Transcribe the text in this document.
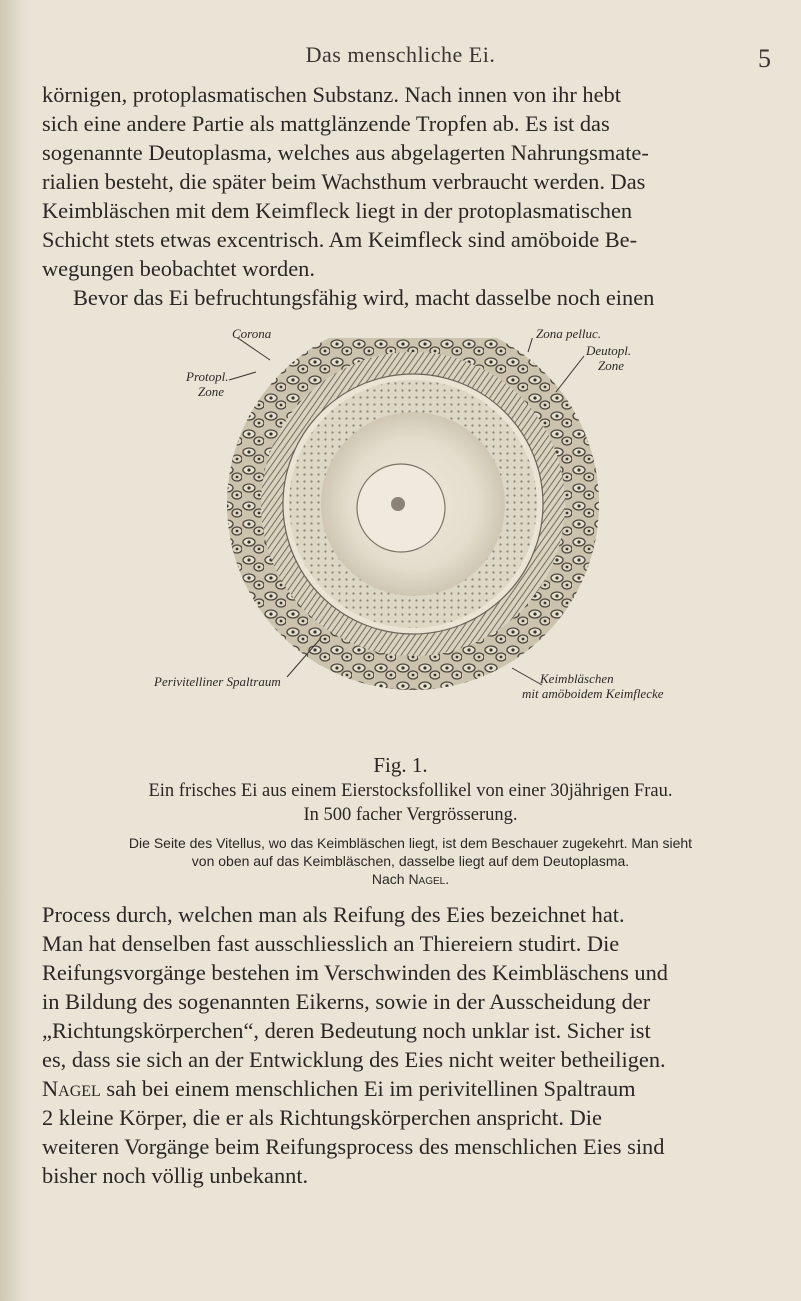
Das menschliche Ei.	5

körnigen, protoplasmatischen Substanz. Nach innen von ihr hebt
sich eine andere Partie als mattglänzende Tropfen ab. Es ist das
sogenannte Deutoplasma, welches aus abgelagerten Nahrungsmate-
rialien besteht, die später beim Wachsthum verbraucht werden. Das
Keimbläschen mit dem Keimfleck liegt in der protoplasmatischen
Schicht stets etwas excentrisch. Am Keimfleck sind amöboide Be-
wegungen beobachtet worden.

Bevor das Ei befruchtungsfähig wird, macht dasselbe noch einen

Corona	Zona pelluc.
Deutopl.
Zone
Protopl.
Zone
Perivitelliner Spaltraum	Keimbläschen
mit amöboidem Keimflecke
Fig. 1.
Ein frisches Ei aus einem Eierstocksfollikel von einer 30jährigen Frau.
In 500 facher Vergrösserung.
Die Seite des Vitellus, wo das Keimbläschen liegt, ist dem Beschauer zugekehrt. Man sieht
von oben auf das Keimbläschen, dasselbe liegt auf dem Deutoplasma.
Nach Nagel.

Process durch, welchen man als Reifung des Eies bezeichnet hat.
Man hat denselben fast ausschliesslich an Thiereiern studirt. Die
Reifungsvorgänge bestehen im Verschwinden des Keimbläschens und
in Bildung des sogenannten Eikerns, sowie in der Ausscheidung der
„Richtungskörperchen“, deren Bedeutung noch unklar ist. Sicher ist
es, dass sie sich an der Entwicklung des Eies nicht weiter betheiligen.
Nagel sah bei einem menschlichen Ei im perivitellinen Spaltraum
2 kleine Körper, die er als Richtungskörperchen anspricht. Die
weiteren Vorgänge beim Reifungsprocess des menschlichen Eies sind
bisher noch völlig unbekannt.
